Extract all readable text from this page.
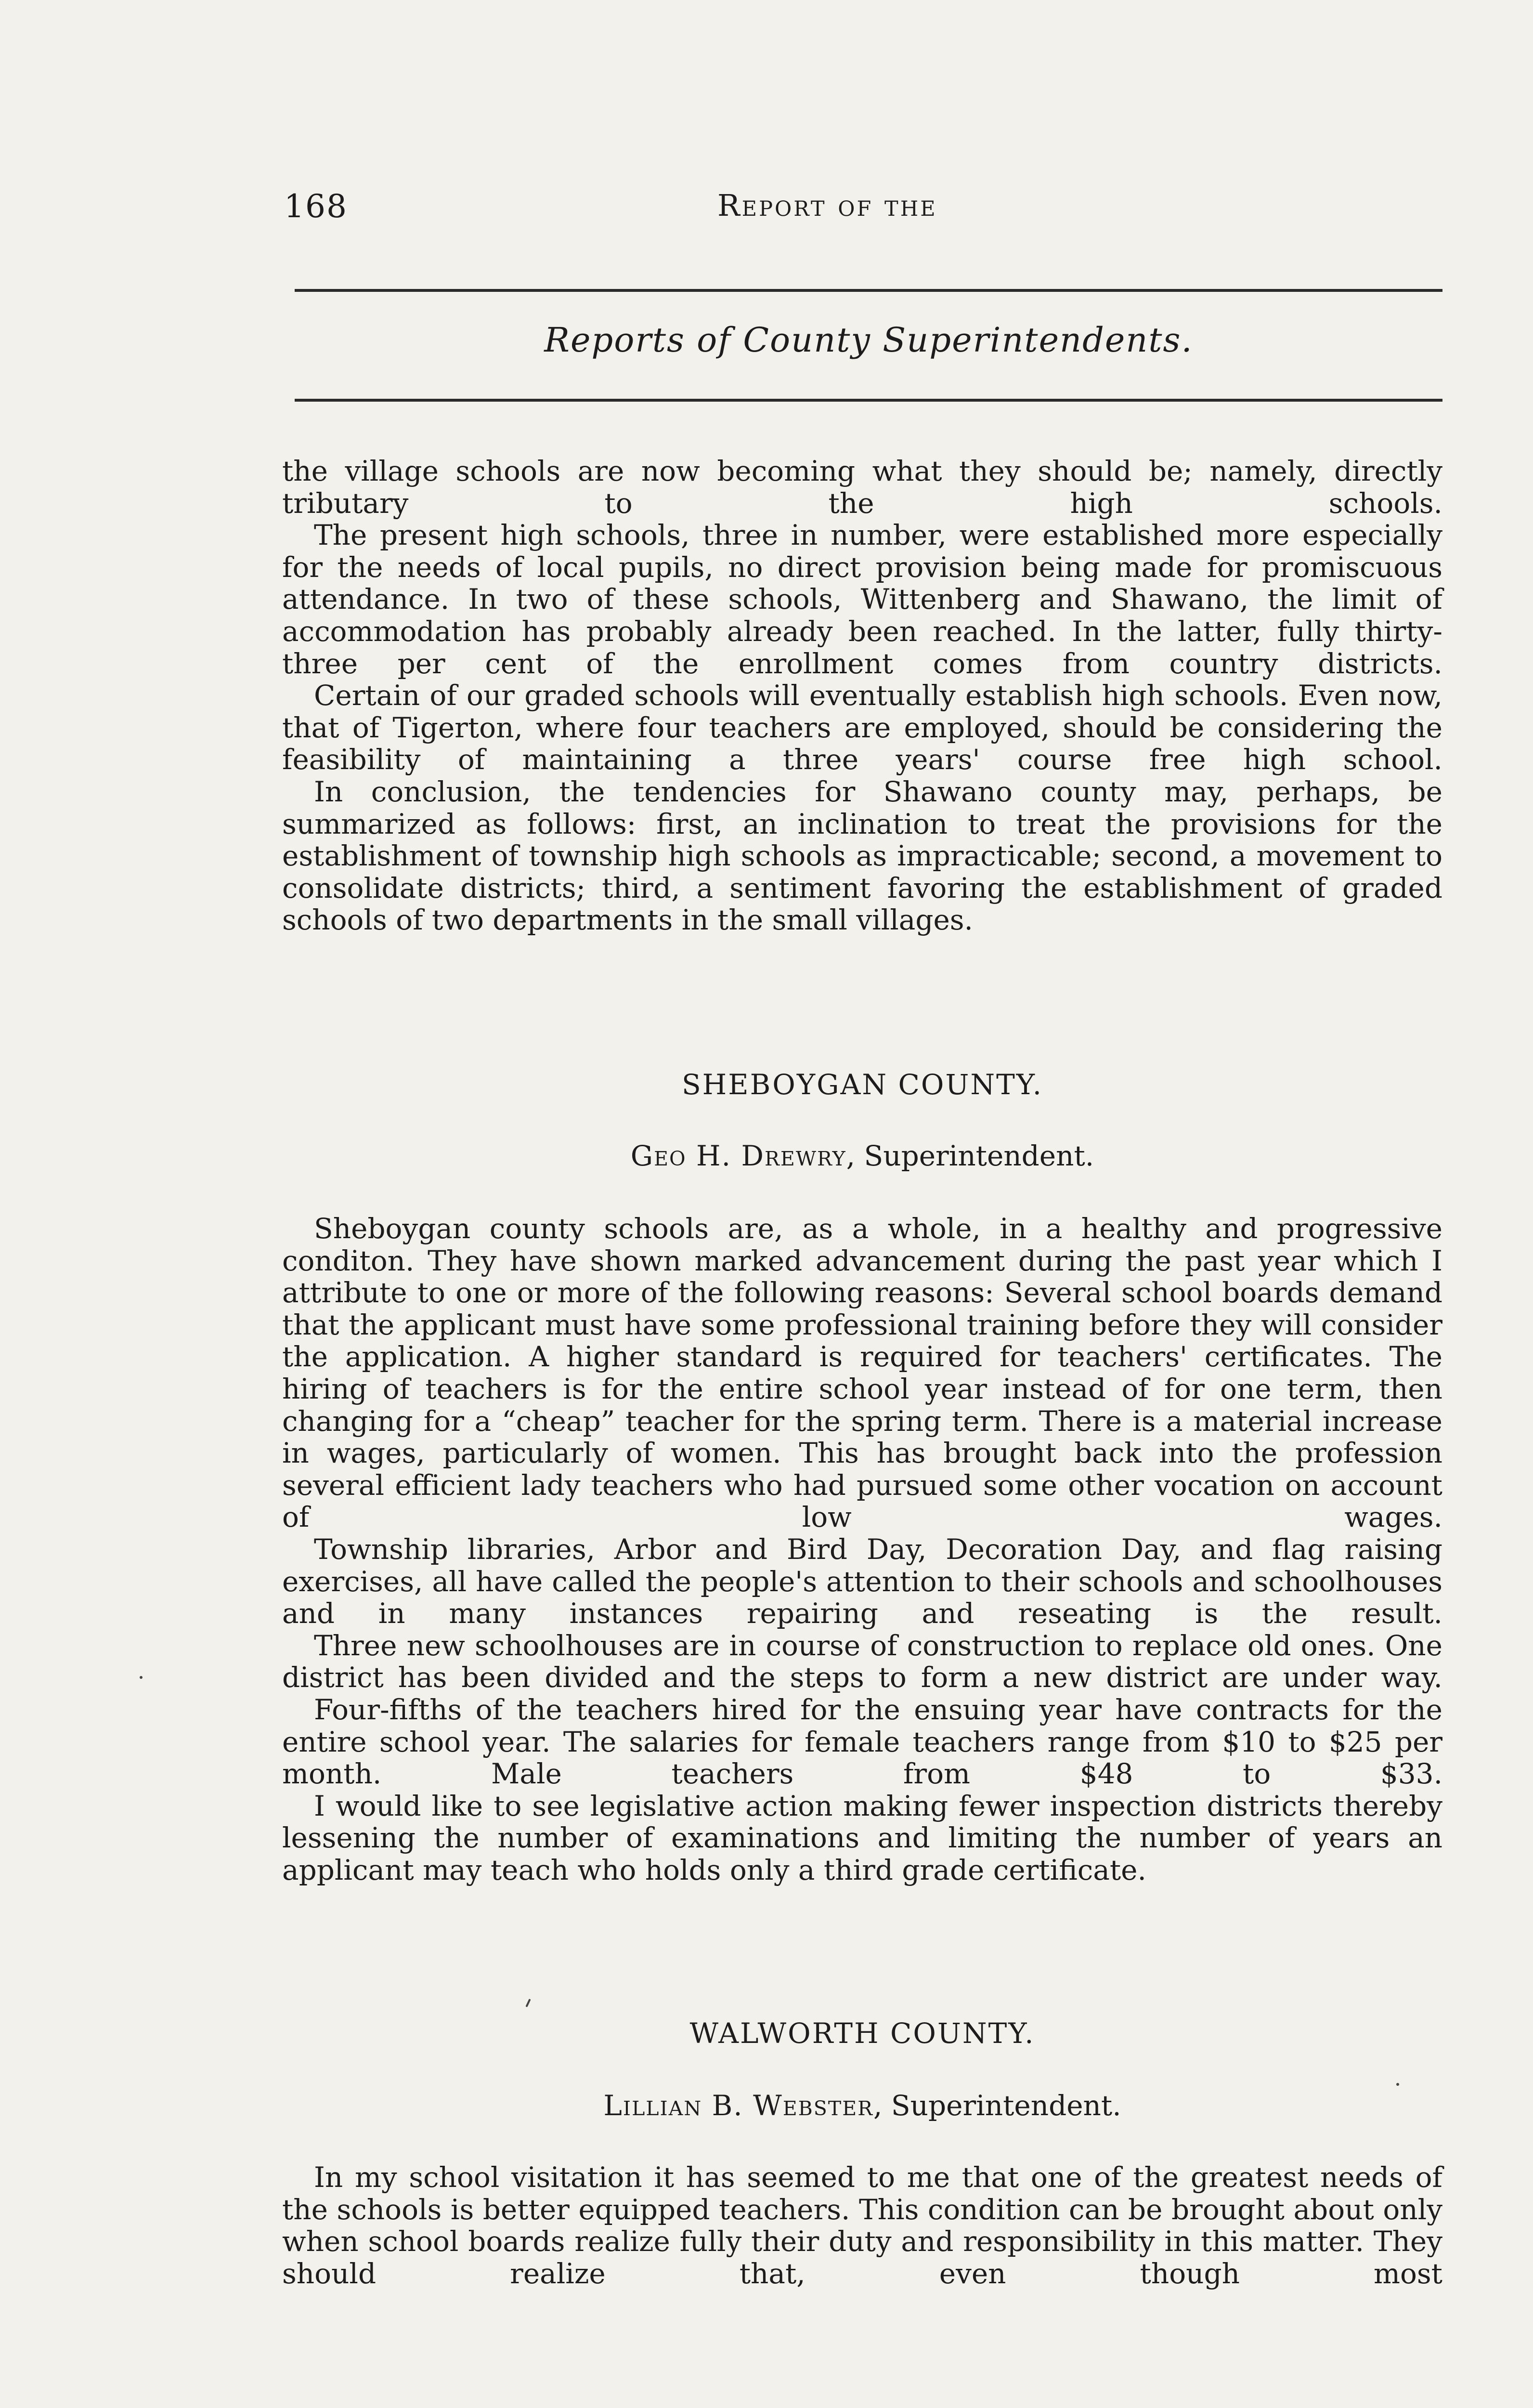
168	Report of the
Reports of County Superintendents.

the village schools are now becoming what they should be; namely, directly tributary to the high schools.

The present high schools, three in number, were established more especially for the needs of local pupils, no direct provision being made for promiscuous attendance. In two of these schools, Wittenberg and Shawano, the limit of accommodation has probably already been reached. In the latter, fully thirty-three per cent of the enrollment comes from country districts.

Certain of our graded schools will eventually establish high schools. Even now, that of Tigerton, where four teachers are employed, should be considering the feasibility of maintaining a three years' course free high school.

In conclusion, the tendencies for Shawano county may, perhaps, be summarized as follows: first, an inclination to treat the provisions for the establishment of township high schools as impracticable; second, a movement to consolidate districts; third, a sentiment favoring the establishment of graded schools of two departments in the small villages.

SHEBOYGAN COUNTY.
Geo H. Drewry, Superintendent.

Sheboygan county schools are, as a whole, in a healthy and progressive conditon. They have shown marked advancement during the past year which I attribute to one or more of the following reasons: Several school boards demand that the applicant must have some professional training before they will consider the application. A higher standard is required for teachers' certificates. The hiring of teachers is for the entire school year instead of for one term, then changing for a “cheap” teacher for the spring term. There is a material increase in wages, particularly of women. This has brought back into the profession several efficient lady teachers who had pursued some other vocation on account of low wages.

Township libraries, Arbor and Bird Day, Decoration Day, and flag raising exercises, all have called the people's attention to their schools and schoolhouses and in many instances repairing and reseating is the result.

Three new schoolhouses are in course of construction to replace old ones. One district has been divided and the steps to form a new district are under way.

Four-fifths of the teachers hired for the ensuing year have contracts for the entire school year. The salaries for female teachers range from $10 to $25 per month. Male teachers from $48 to $33.

I would like to see legislative action making fewer inspection districts thereby lessening the number of examinations and limiting the number of years an applicant may teach who holds only a third grade certificate.

WALWORTH COUNTY.
Lillian B. Webster, Superintendent.

In my school visitation it has seemed to me that one of the greatest needs of the schools is better equipped teachers. This condition can be brought about only when school boards realize fully their duty and responsibility in this matter. They should realize that, even though most
